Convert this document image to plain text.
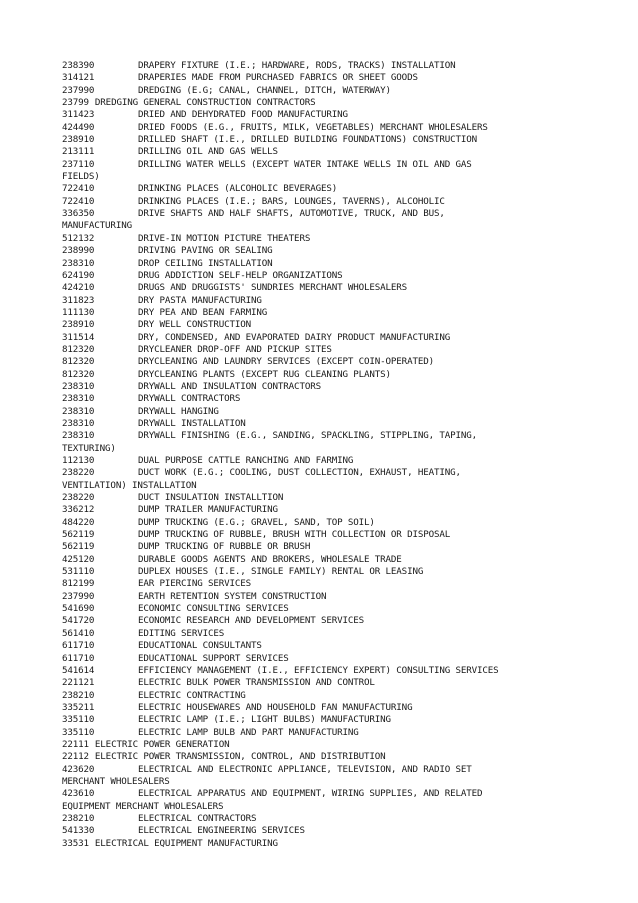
238390	DRAPERY FIXTURE (I.E.; HARDWARE, RODS, TRACKS) INSTALLATION
314121	DRAPERIES MADE FROM PURCHASED FABRICS OR SHEET GOODS
237990	DREDGING (E.G; CANAL, CHANNEL, DITCH, WATERWAY)
23799 DREDGING GENERAL CONSTRUCTION CONTRACTORS
311423	DRIED AND DEHYDRATED FOOD MANUFACTURING
424490	DRIED FOODS (E.G., FRUITS, MILK, VEGETABLES) MERCHANT WHOLESALERS
238910	DRILLED SHAFT (I.E., DRILLED BUILDING FOUNDATIONS) CONSTRUCTION
213111	DRILLING OIL AND GAS WELLS
237110	DRILLING WATER WELLS (EXCEPT WATER INTAKE WELLS IN OIL AND GAS
FIELDS)
722410	DRINKING PLACES (ALCOHOLIC BEVERAGES)
722410	DRINKING PLACES (I.E.; BARS, LOUNGES, TAVERNS), ALCOHOLIC
336350	DRIVE SHAFTS AND HALF SHAFTS, AUTOMOTIVE, TRUCK, AND BUS,
MANUFACTURING
512132	DRIVE-IN MOTION PICTURE THEATERS
238990	DRIVING PAVING OR SEALING
238310	DROP CEILING INSTALLATION
624190	DRUG ADDICTION SELF-HELP ORGANIZATIONS
424210	DRUGS AND DRUGGISTS' SUNDRIES MERCHANT WHOLESALERS
311823	DRY PASTA MANUFACTURING
111130	DRY PEA AND BEAN FARMING
238910	DRY WELL CONSTRUCTION
311514	DRY, CONDENSED, AND EVAPORATED DAIRY PRODUCT MANUFACTURING
812320	DRYCLEANER DROP-OFF AND PICKUP SITES
812320	DRYCLEANING AND LAUNDRY SERVICES (EXCEPT COIN-OPERATED)
812320	DRYCLEANING PLANTS (EXCEPT RUG CLEANING PLANTS)
238310	DRYWALL AND INSULATION CONTRACTORS
238310	DRYWALL CONTRACTORS
238310	DRYWALL HANGING
238310	DRYWALL INSTALLATION
238310	DRYWALL FINISHING (E.G., SANDING, SPACKLING, STIPPLING, TAPING,
TEXTURING)
112130	DUAL PURPOSE CATTLE RANCHING AND FARMING
238220	DUCT WORK (E.G.; COOLING, DUST COLLECTION, EXHAUST, HEATING,
VENTILATION) INSTALLATION
238220	DUCT INSULATION INSTALLTION
336212	DUMP TRAILER MANUFACTURING
484220	DUMP TRUCKING (E.G.; GRAVEL, SAND, TOP SOIL)
562119	DUMP TRUCKING OF RUBBLE, BRUSH WITH COLLECTION OR DISPOSAL
562119	DUMP TRUCKING OF RUBBLE OR BRUSH
425120	DURABLE GOODS AGENTS AND BROKERS, WHOLESALE TRADE
531110	DUPLEX HOUSES (I.E., SINGLE FAMILY) RENTAL OR LEASING
812199	EAR PIERCING SERVICES
237990	EARTH RETENTION SYSTEM CONSTRUCTION
541690	ECONOMIC CONSULTING SERVICES
541720	ECONOMIC RESEARCH AND DEVELOPMENT SERVICES
561410	EDITING SERVICES
611710	EDUCATIONAL CONSULTANTS
611710	EDUCATIONAL SUPPORT SERVICES
541614	EFFICIENCY MANAGEMENT (I.E., EFFICIENCY EXPERT) CONSULTING SERVICES
221121	ELECTRIC BULK POWER TRANSMISSION AND CONTROL
238210	ELECTRIC CONTRACTING
335211	ELECTRIC HOUSEWARES AND HOUSEHOLD FAN MANUFACTURING
335110	ELECTRIC LAMP (I.E.; LIGHT BULBS) MANUFACTURING
335110	ELECTRIC LAMP BULB AND PART MANUFACTURING
22111 ELECTRIC POWER GENERATION
22112 ELECTRIC POWER TRANSMISSION, CONTROL, AND DISTRIBUTION
423620	ELECTRICAL AND ELECTRONIC APPLIANCE, TELEVISION, AND RADIO SET
MERCHANT WHOLESALERS
423610	ELECTRICAL APPARATUS AND EQUIPMENT, WIRING SUPPLIES, AND RELATED
EQUIPMENT MERCHANT WHOLESALERS
238210	ELECTRICAL CONTRACTORS
541330	ELECTRICAL ENGINEERING SERVICES
33531 ELECTRICAL EQUIPMENT MANUFACTURING
